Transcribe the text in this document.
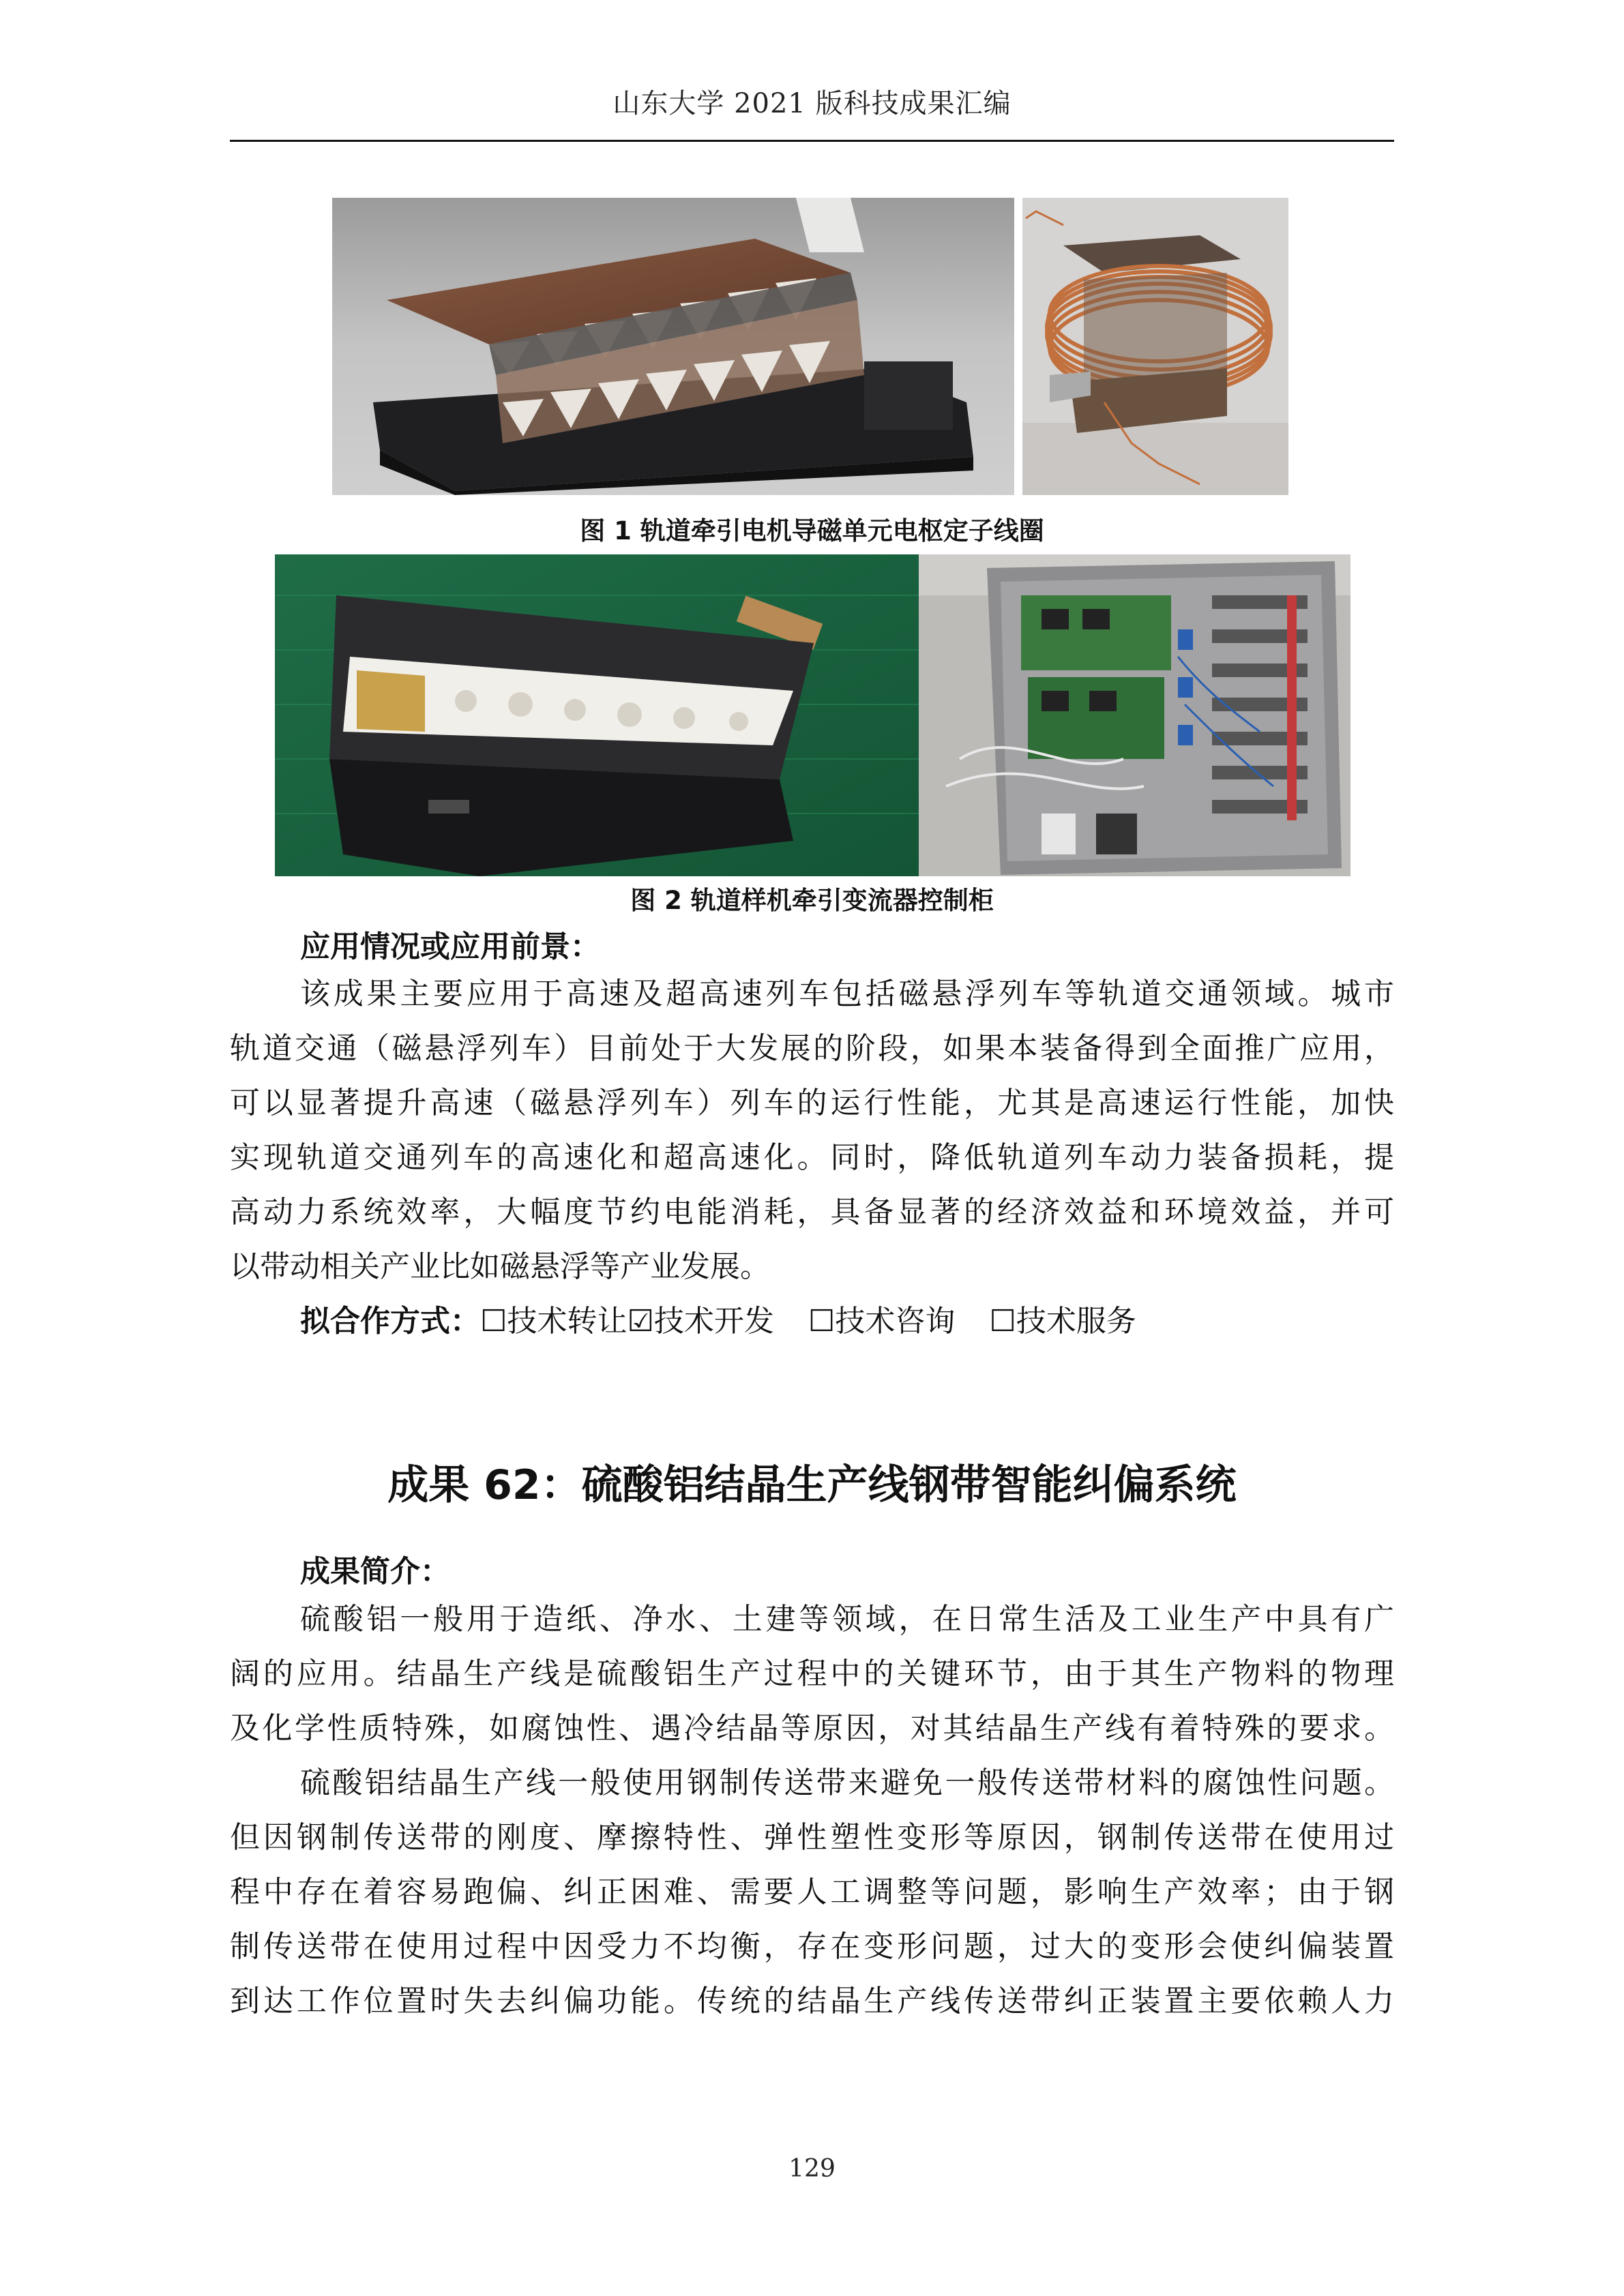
山东大学 2021 版科技成果汇编
图 1 轨道牵引电机导磁单元电枢定子线圈
图 2 轨道样机牵引变流器控制柜
应用情况或应用前景：
该成果主要应用于高速及超高速列车包括磁悬浮列车等轨道交通领域。城市
轨道交通（磁悬浮列车）目前处于大发展的阶段，如果本装备得到全面推广应用，
可以显著提升高速（磁悬浮列车）列车的运行性能，尤其是高速运行性能，加快
实现轨道交通列车的高速化和超高速化。同时，降低轨道列车动力装备损耗，提
高动力系统效率，大幅度节约电能消耗，具备显著的经济效益和环境效益，并可
以带动相关产业比如磁悬浮等产业发展。
拟合作方式：☐技术转让☑技术开发 ☐技术咨询 ☐技术服务
成果 62：硫酸铝结晶生产线钢带智能纠偏系统
成果简介：
硫酸铝一般用于造纸、净水、土建等领域，在日常生活及工业生产中具有广
阔的应用。结晶生产线是硫酸铝生产过程中的关键环节，由于其生产物料的物理
及化学性质特殊，如腐蚀性、遇冷结晶等原因，对其结晶生产线有着特殊的要求。
硫酸铝结晶生产线一般使用钢制传送带来避免一般传送带材料的腐蚀性问题。
但因钢制传送带的刚度、摩擦特性、弹性塑性变形等原因，钢制传送带在使用过
程中存在着容易跑偏、纠正困难、需要人工调整等问题，影响生产效率；由于钢
制传送带在使用过程中因受力不均衡，存在变形问题，过大的变形会使纠偏装置
到达工作位置时失去纠偏功能。传统的结晶生产线传送带纠正装置主要依赖人力
129
